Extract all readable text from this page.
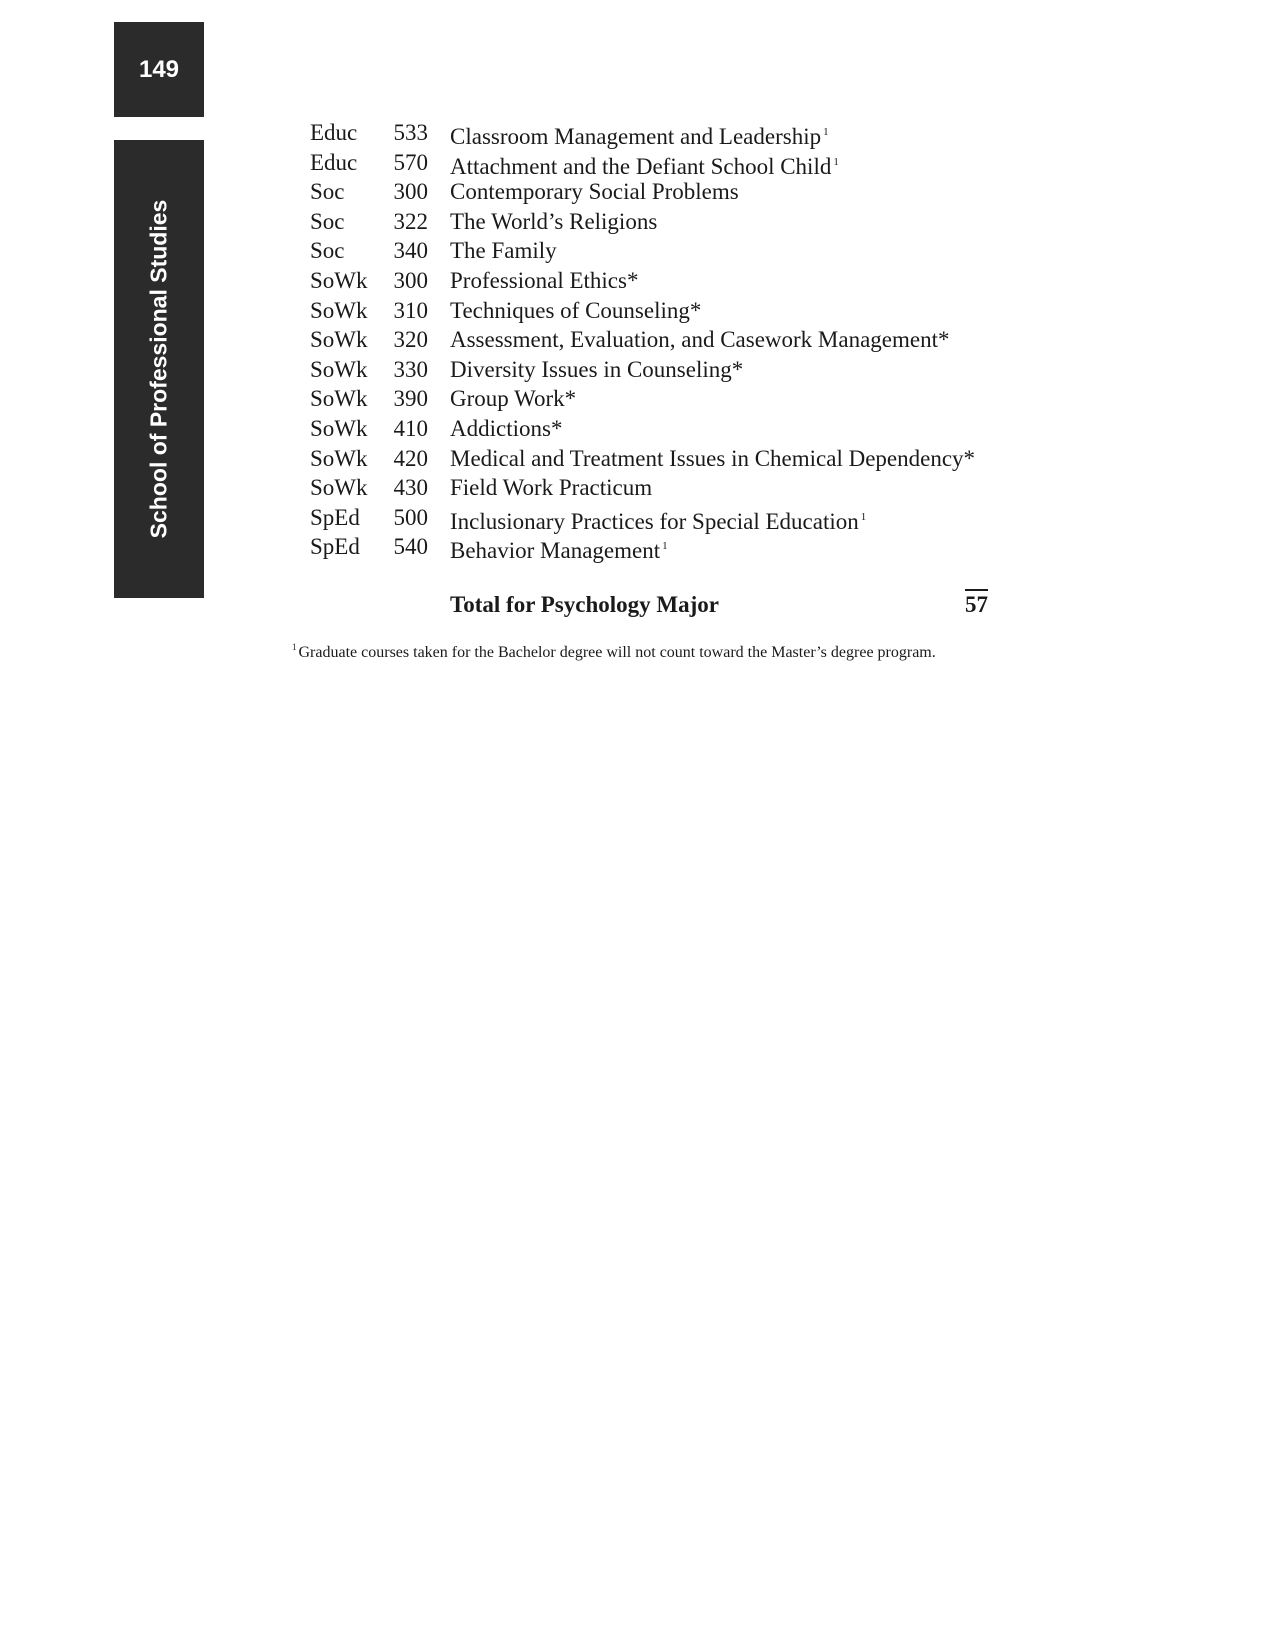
149
School of Professional Studies
Educ	533 Classroom Management and Leadership $^1$
Educ	570 Attachment and the Defiant School Child $^1$
Soc	300 Contemporary Social Problems
Soc	322 The World’s Religions
Soc	340 The Family
SoWk	300 Professional Ethics*
SoWk	310 Techniques of Counseling*
SoWk	320 Assessment, Evaluation, and Casework Management*
SoWk	330 Diversity Issues in Counseling*
SoWk	390 Group Work*
SoWk	410 Addictions*
SoWk	420 Medical and Treatment Issues in Chemical Dependency*
SoWk	430 Field Work Practicum
SpEd	500 Inclusionary Practices for Special Education $^1$
SpEd	540 Behavior Management $^1$
Total for Psychology Major	57
$^1$ Graduate courses taken for the Bachelor degree will not count toward the Master’s degree program.
